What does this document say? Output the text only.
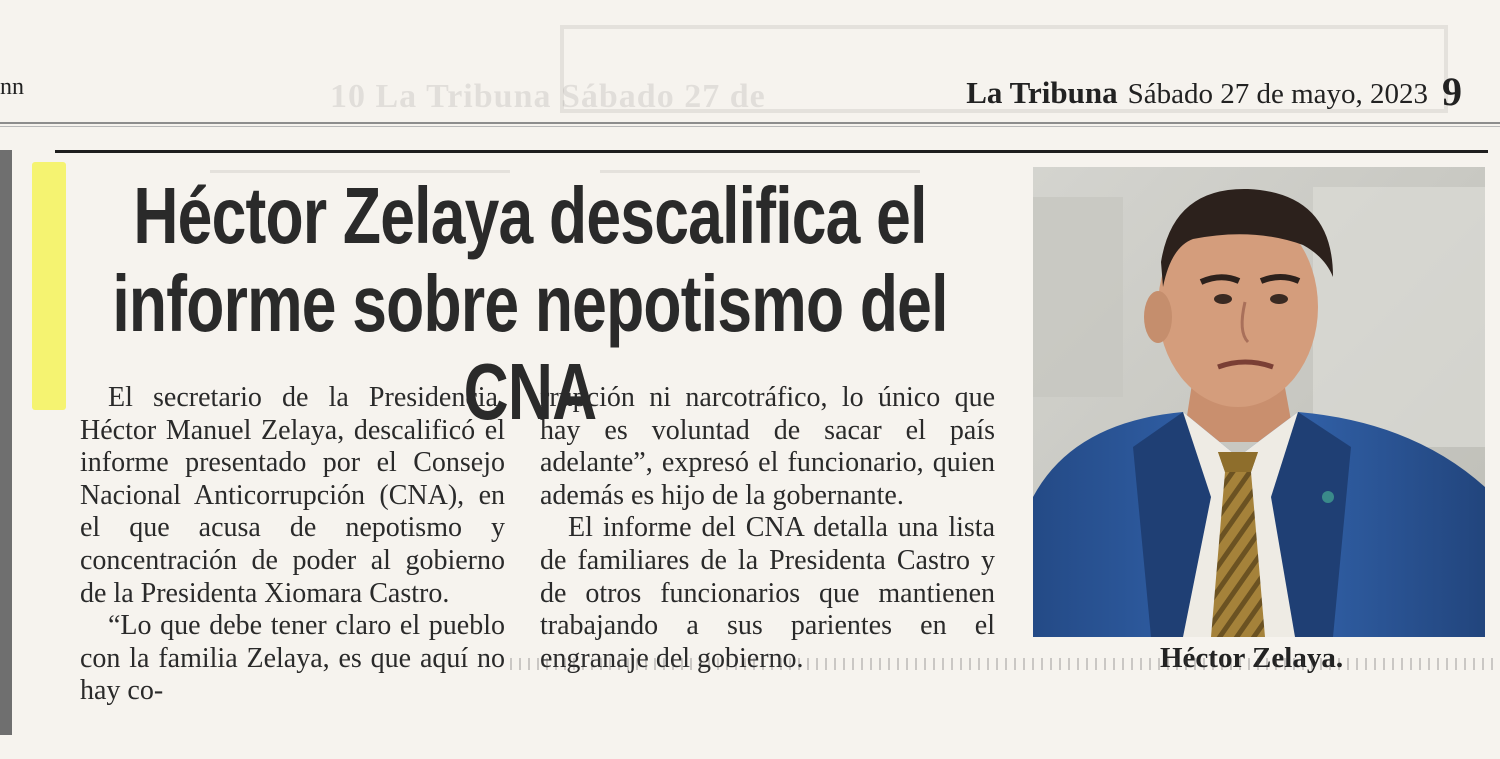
10 La Tribuna Sábado 27 de
nn	La Tribuna Sábado 27 de mayo, 2023 9
Héctor Zelaya descalifica el
informe sobre nepotismo del CNA

El secretario de la Presidencia, Héctor Manuel Zelaya, descalificó el informe presentado por el Consejo Nacional Anticorrupción (CNA), en el que acusa de nepotismo y concentración de poder al gobierno de la Presidenta Xiomara Castro.

“Lo que debe tener claro el pueblo con la familia Zelaya, es que aquí no hay co-

rrupción ni narcotráfico, lo único que hay es voluntad de sacar el país adelante”, expresó el funcionario, quien además es hijo de la gobernante.

El informe del CNA detalla una lista de familiares de la Presidenta Castro y de otros funcionarios que mantienen trabajando a sus parientes en el engranaje del gobierno.	Héctor Zelaya.
